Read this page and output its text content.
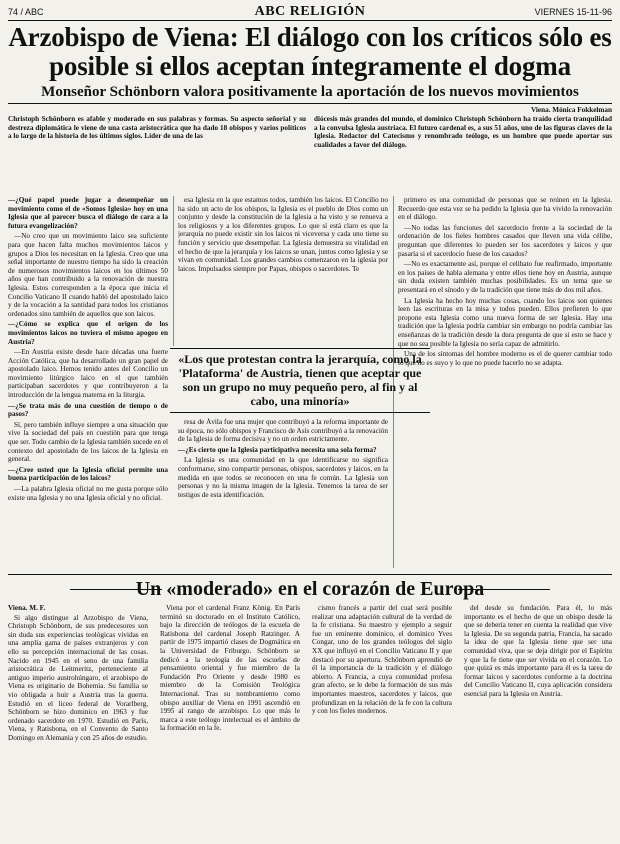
74 / ABC	ABC RELIGIÓN	VIERNES 15-11-96
Arzobispo de Viena: El diálogo con los críticos sólo es posible si ellos aceptan íntegramente el dogma
Monseñor Schönborn valora positivamente la aportación de los nuevos movimientos
Viena. Mónica Fokkelman

Christoph Schönborn es afable y moderado en sus palabras y formas. Su aspecto señorial y su destreza diplomática le viene de una casta aristocrática que ha dado 18 obispos y varios políticos a lo largo de la historia de los últimos siglos. Líder de una de las

diócesis más grandes del mundo, el dominico Christoph Schönborn ha traído cierta tranquilidad a la convulsa Iglesia austriaca. El futuro cardenal es, a sus 51 años, uno de las figuras claves de la Iglesia. Redactor del Catecismo y renombrado teólogo, es un hombre que puede aportar sus cualidades a favor del diálogo.

—¿Qué papel puede jugar a desempeñar un movimiento como el de «Somos Iglesia» hoy en una Iglesia que al parecer busca el diálogo de cara a la futura evangelización?

—No creo que un movimiento laico sea suficiente para que hacen falta muchos movimientos laicos y grupos a Dios les necesitan en la Iglesia. Creo que una señal importante de nuestro tiempo ha sido la creación de numerosos movimientos laicos en los últimos 50 años que han contribuido a la renovación de nuestra Iglesia. Estos corresponden a la época que inicia el Concilio Vaticano II cuando habló del apostolado laico y de la vocación a la santidad para todos los cristianos ordenados sino también de aquellos que son laicos.

—¿Cómo se explica que el origen de los movimientos laicos no tuviera el mismo apogeo en Austria?

—En Austria existe desde hace décadas una fuerte Acción Católica, que ha desarrollado un gran papel de apostolado laico. Hemos tenido antes del Concilio un movimiento litúrgico laico en el que también participaban sacerdotes y que contribuyeron a la introducción de la lengua materna en la liturgia.

—¿Se trata más de una cuestión de tiempo o de pasos?

Sí, pero también influye siempre a una situación que vive la sociedad del país en cuestión para que tenga que ser. Todo cambio de la Iglesia también sucede en el contexto del apostolado de los laicos de la Iglesia en general.

—¿Cree usted que la Iglesia oficial permite una buena participación de los laicos?

—La palabra Iglesia oficial no me gusta porque sólo existe una Iglesia y no una Iglesia oficial y no oficial.

esa Iglesia en la que estamos todos, también los laicos. El Concilio no ha sido un acto de los obispos, la Iglesia es el pueblo de Dios como un conjunto y desde la constitución de la Iglesia a ha visto y se renueva a los religiosos y a los diferentes grupos. Lo que sí está claro es que la jerarquía no puede existir sin los laicos ni viceversa y cada uno tiene su función y servicio que desempeñar. La Iglesia demuestra su vitalidad en el hecho de que la jerarquía y los laicos se unan, juntos como Iglesia y se vivan en comunidad. Los grandes cambios comenzaron en la iglesia por laicos. Impulsados siempre por Papas, obispos o sacerdotes. Te

primero es una comunidad de personas que se reúnen en la Iglesia. Recuerdo que esta vez se ha pedido la Iglesia que ha vivido la renovación en el diálogo.

—No todas las funciones del sacerdocio frente a la sociedad de la ordenación de los fieles hombres casados que lleven una vida célibe, preguntan que diferentes lo pueden ser los sacerdotes y laicos y que pasaría si el sacerdocio fuese de los casados?

—No es exactamente así, porque el celibato fue reafirmado, importante en los países de habla alemana y entre ellos tiene hoy en Austria, aunque sin duda existen también muchas posibilidades. Es un tema que se presentará en el sínodo y de la tradición que tiene más de dos mil años.

La Iglesia ha hecho hoy muchas cosas, cuando los laicos son quienes leen las escrituras en la misa y todos pueden. Ellos prefieren lo que propone esta Iglesia como una nueva forma de ser Iglesia. Hay una tradición que la Iglesia podría cambiar sin embargo no podría cambiar las enseñanzas de la tradición desde la dura pregunta de que si esto se hace y que no sea posible la Iglesia no sería capaz de admitirlo.

Una de los síntomas del hombre moderno es el de querer cambiar todo lo que no es suyo y lo que no puede hacerlo no se adapta.

«Los que protestan contra la jerarquía, como la 'Plataforma' de Austria, tienen que aceptar que son un grupo no muy pequeño pero, al fin y al cabo, una minoría»

resa de Ávila fue una mujer que contribuyó a la reforma importante de su época, no sólo obispos y Francisco de Asís contribuyó a la renovación de la Iglesia de forma decisiva y no un orden estrictamente.

—¿Es cierto que la Iglesia participativa necesita una sola forma?

La Iglesia es una comunidad en la que identificarse no significa conformarse, sino compartir personas, obispos, sacerdotes y laicos, en la medida en que todos se reconocen en una fe común. La Iglesia son personas y no la misma imagen de la Iglesia. Tenemos la tarea de ser testigos de esta identificación.

Un «moderado» en el corazón de Europa
Viena. M. F.

Si algo distingue al Arzobispo de Viena, Christoph Schönborn, de sus predecesores son sin duda sus experiencias teológicas vividas en una amplia gama de países extranjeros y con ello su percepción internacional de las cosas. Nacido en 1945 en el seno de una familia aristocrática de Leitmeritz, perteneciente al antiguo imperio austrohúngaro, el arzobispo de Viena es originario de Bohemia. Su familia se vio obligada a huir a Austria tras la guerra. Estudió en el liceo federal de Vorarlberg, Schönborn se hizo dominico en 1963 y fue ordenado sacerdote en 1970. Estudió en París, Viena, y Ratisbona, en el Convento de Santo Domingo en Alemania y con 25 años de estudio.

Viena por el cardenal Franz König. En París terminó su doctorado en el Instituto Católico, bajo la dirección de teólogos de la escuela de Ratisbona del cardenal Joseph Ratzinger. A partir de 1975 impartió clases de Dogmática en la Universidad de Friburgo. Schönborn se dedicó a la teología de las escuelas de pensamiento oriental y fue miembro de la Fundación Pro Oriente y desde 1980 es miembro de la Comisión Teológica Internacional. Tras su nombramiento como obispo auxiliar de Viena en 1991 ascendió en 1995 al rango de arzobispo. Lo que más le marca a este teólogo intelectual es el ámbito de la formación en la fe.

cismo francés a partir del cual será posible realizar una adaptación cultural de la verdad de la fe cristiana. Su maestro y ejemplo a seguir fue un eminente dominico, el dominico Yves Congar, uno de los grandes teólogos del siglo XX que influyó en el Concilio Vaticano II y que destacó por su apertura. Schönborn aprendió de él la importancia de la tradición y el diálogo abierto. A Francia, a cuya comunidad profesa gran afecto, se le debe la formación de sus más importantes maestros, sacerdotes y laicos, que profundizan en la relación de la fe con la cultura y con los fieles modernos.

del desde su fundación. Para él, lo más importante es el hecho de que un obispo desde la que se debería tener en cuenta la realidad que vive la Iglesia. De su segunda patria, Francia, ha sacado la idea de que la Iglesia tiene que ser una comunidad viva, que se deja dirigir por el Espíritu y que la fe tiene que ser vivida en el corazón. Lo que quizá es más importante para él es la tarea de formar laicos y sacerdotes conforme a la doctrina del Concilio Vaticano II, cuya aplicación considera esencial para la Iglesia en Austria.
